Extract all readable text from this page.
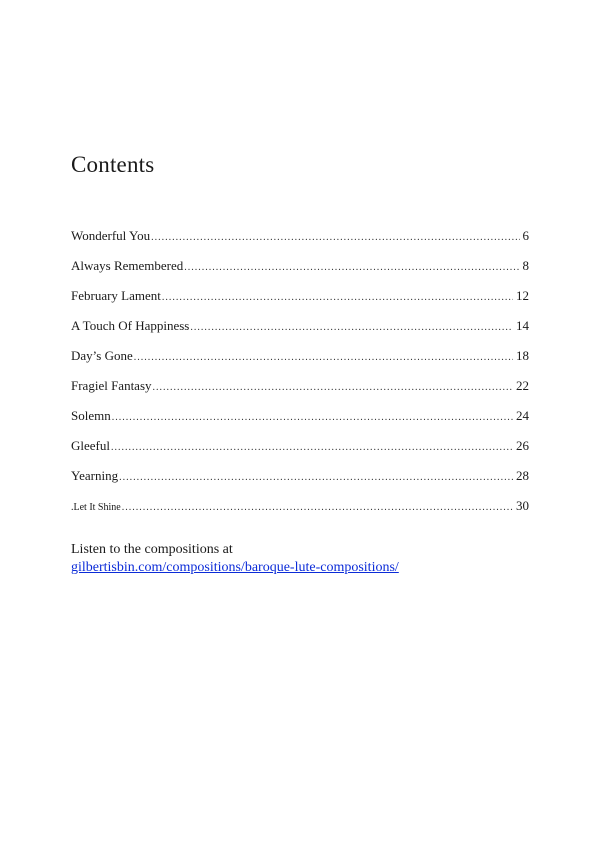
Contents
Wonderful You .....	6
Always Remembered .....	8
February Lament .....	12
A Touch Of Happiness .....	14
Day’s Gone .....	18
Fragiel Fantasy .....	22
Solemn .....	24
Gleeful .....	26
Yearning .....	28
.Let It Shine .....	30
Listen to the compositions at
gilbertisbin.com/compositions/baroque-lute-compositions/
